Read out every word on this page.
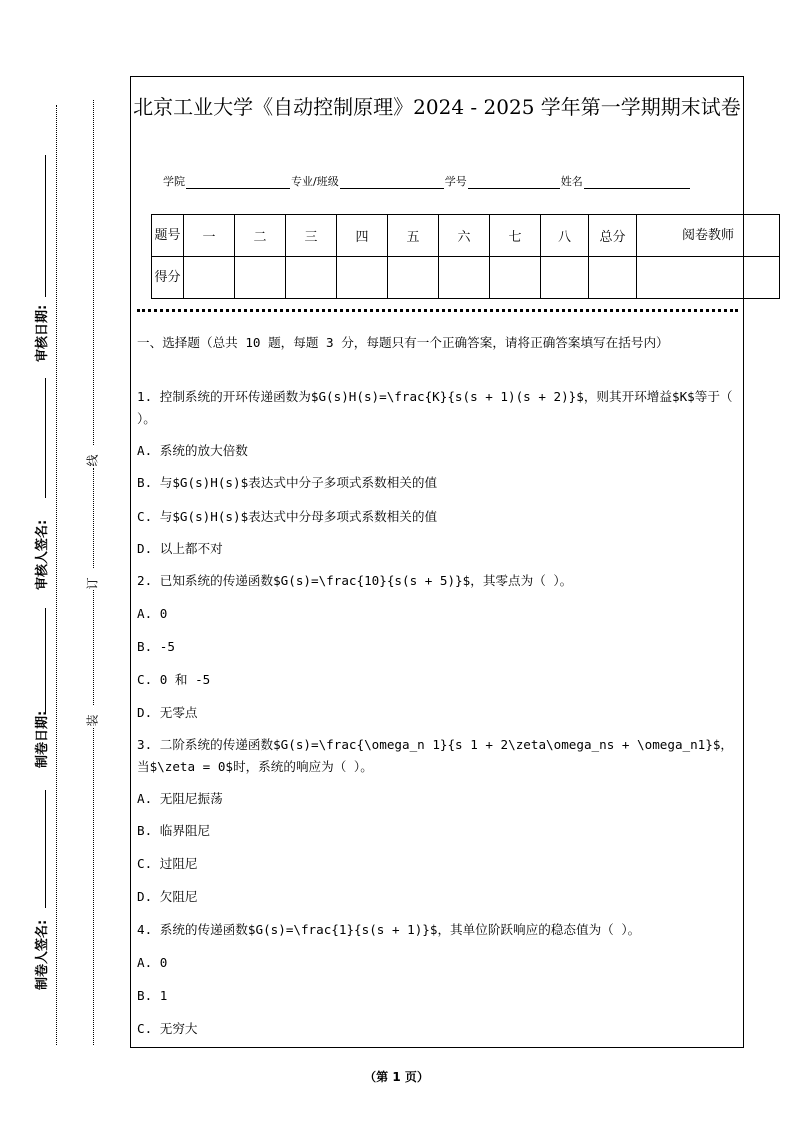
审核日期:
审核人签名:
制卷日期:
制卷人签名:
线
订
装
北京工业大学《自动控制原理》2024 - 2025 学年第一学期期末试卷
学院	专业/班级	学号	姓名
题号	一	二	三	四	五	六	七	八	总分	阅卷教师
得分										

一、选择题（总共 10 题，每题 3 分，每题只有一个正确答案，请将正确答案填写在括号内）

1. 控制系统的开环传递函数为$G(s)H(s)=\frac{K}{s(s + 1)(s + 2)}$，则其开环增益$K$等于（ ）。

A. 系统的放大倍数

B. 与$G(s)H(s)$表达式中分子多项式系数相关的值

C. 与$G(s)H(s)$表达式中分母多项式系数相关的值

D. 以上都不对

2. 已知系统的传递函数$G(s)=\frac{10}{s(s + 5)}$，其零点为（ ）。

A. 0

B. -5

C. 0 和 -5

D. 无零点

3. 二阶系统的传递函数$G(s)=\frac{\omega_n 1}{s 1 + 2\zeta\omega_ns + \omega_n1}$，当$\zeta = 0$时，系统的响应为（ ）。

A. 无阻尼振荡

B. 临界阻尼

C. 过阻尼

D. 欠阻尼

4. 系统的传递函数$G(s)=\frac{1}{s(s + 1)}$，其单位阶跃响应的稳态值为（ ）。

A. 0

B. 1

C. 无穷大

（第 1 页）
